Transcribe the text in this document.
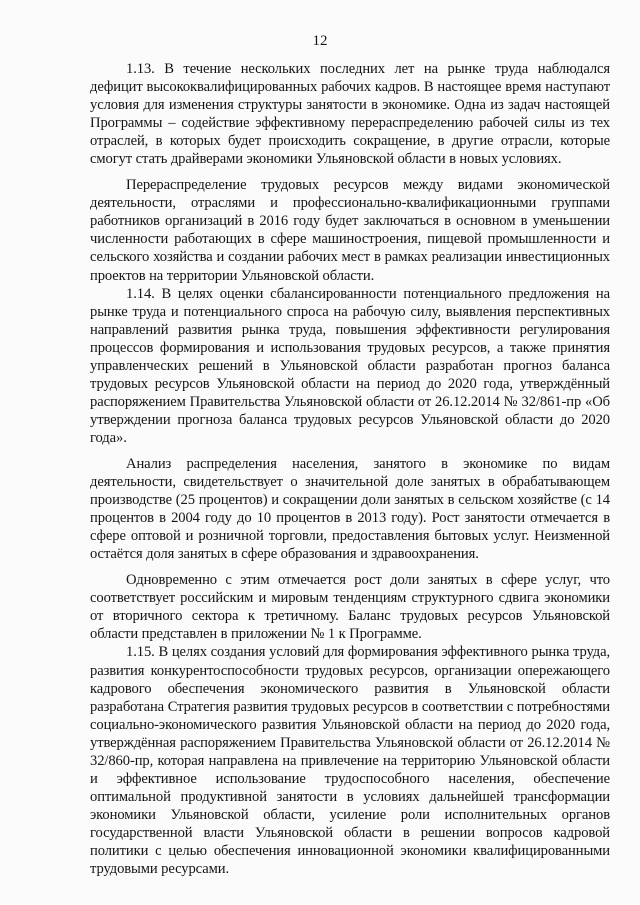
12

1.13. В течение нескольких последних лет на рынке труда наблюдался дефицит высококвалифицированных рабочих кадров. В настоящее время наступают условия для изменения структуры занятости в экономике. Одна из задач настоящей Программы – содействие эффективному перераспределению рабочей силы из тех отраслей, в которых будет происходить сокращение, в другие отрасли, которые смогут стать драйверами экономики Ульяновской области в новых условиях.

Перераспределение трудовых ресурсов между видами экономической деятельности, отраслями и профессионально-квалификационными группами работников организаций в 2016 году будет заключаться в основном в уменьшении численности работающих в сфере машиностроения, пищевой промышленности и сельского хозяйства и создании рабочих мест в рамках реализации инвестиционных проектов на территории Ульяновской области.

1.14. В целях оценки сбалансированности потенциального предложения на рынке труда и потенциального спроса на рабочую силу, выявления перспективных направлений развития рынка труда, повышения эффективности регулирования процессов формирования и использования трудовых ресурсов, а также принятия управленческих решений в Ульяновской области разработан прогноз баланса трудовых ресурсов Ульяновской области на период до 2020 года, утверждённый распоряжением Правительства Ульяновской области от 26.12.2014 № 32/861-пр «Об утверждении прогноза баланса трудовых ресурсов Ульяновской области до 2020 года».

Анализ распределения населения, занятого в экономике по видам деятельности, свидетельствует о значительной доле занятых в обрабатывающем производстве (25 процентов) и сокращении доли занятых в сельском хозяйстве (с 14 процентов в 2004 году до 10 процентов в 2013 году). Рост занятости отмечается в сфере оптовой и розничной торговли, предоставления бытовых услуг. Неизменной остаётся доля занятых в сфере образования и здравоохранения.

Одновременно с этим отмечается рост доли занятых в сфере услуг, что соответствует российским и мировым тенденциям структурного сдвига экономики от вторичного сектора к третичному. Баланс трудовых ресурсов Ульяновской области представлен в приложении № 1 к Программе.

1.15. В целях создания условий для формирования эффективного рынка труда, развития конкурентоспособности трудовых ресурсов, организации опережающего кадрового обеспечения экономического развития в Ульяновской области разработана Стратегия развития трудовых ресурсов в соответствии с потребностями социально-экономического развития Ульяновской области на период до 2020 года, утверждённая распоряжением Правительства Ульяновской области от 26.12.2014 № 32/860-пр, которая направлена на привлечение на территорию Ульяновской области и эффективное использование трудоспособного населения, обеспечение оптимальной продуктивной занятости в условиях дальнейшей трансформации экономики Ульяновской области, усиление роли исполнительных органов государственной власти Ульяновской области в решении вопросов кадровой политики с целью обеспечения инновационной экономики квалифицированными трудовыми ресурсами.
